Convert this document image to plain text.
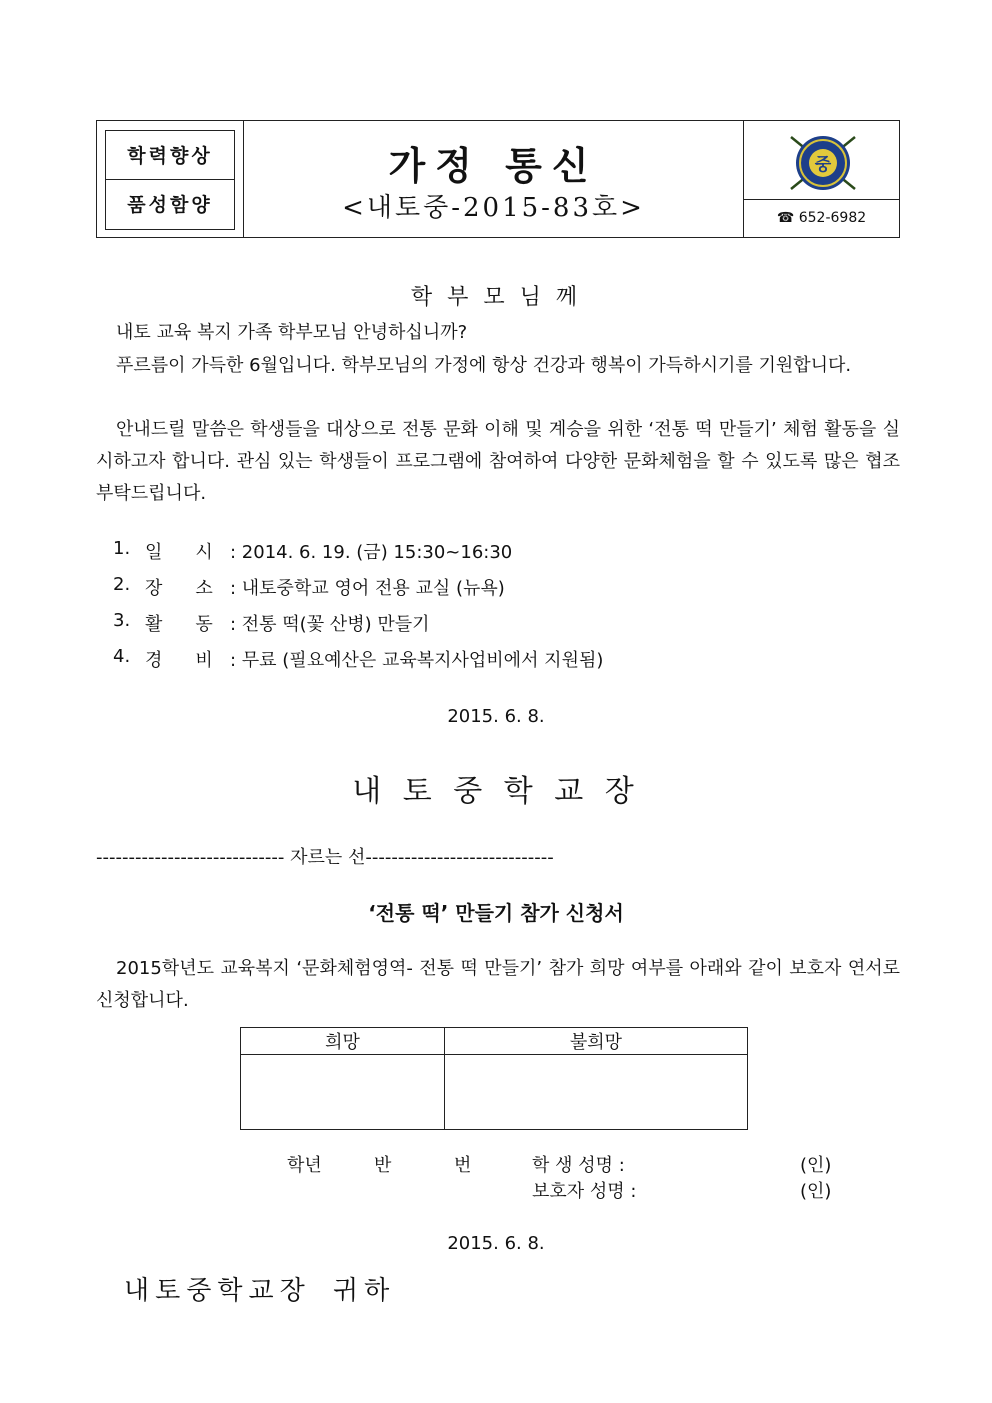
학력향상
품성함양
가정 통신
<내토중-2015-83호>
중
☎ 652-6982
학 부 모 님 께
내토 교육 복지 가족 학부모님 안녕하십니까?
푸르름이 가득한 6월입니다. 학부모님의 가정에 항상 건강과 행복이 가득하시기를 기원합니다.
안내드릴 말씀은 학생들을 대상으로 전통 문화 이해 및 계승을 위한 ‘전통 떡 만들기’ 체험 활동을 실시하고자 합니다. 관심 있는 학생들이 프로그램에 참여하여 다양한 문화체험을 할 수 있도록 많은 협조 부탁드립니다.
1. 일 시 : 2014. 6. 19. (금) 15:30~16:30
2. 장 소 : 내토중학교 영어 전용 교실 (뉴욕)
3. 활 동 : 전통 떡(꽃 산병) 만들기
4. 경 비 : 무료 (필요예산은 교육복지사업비에서 지원됨)
2015. 6. 8.
내 토 중 학 교 장
----------------------------- 자르는 선-----------------------------
‘전통 떡’ 만들기 참가 신청서
2015학년도 교육복지 ‘문화체험영역- 전통 떡 만들기’ 참가 희망 여부를 아래와 같이 보호자 연서로 신청합니다.
희망	불희망

학년	반	번	학 생 성명 :	(인)
보호자 성명 :	(인)
2015. 6. 8.
내토중학교장 귀하
